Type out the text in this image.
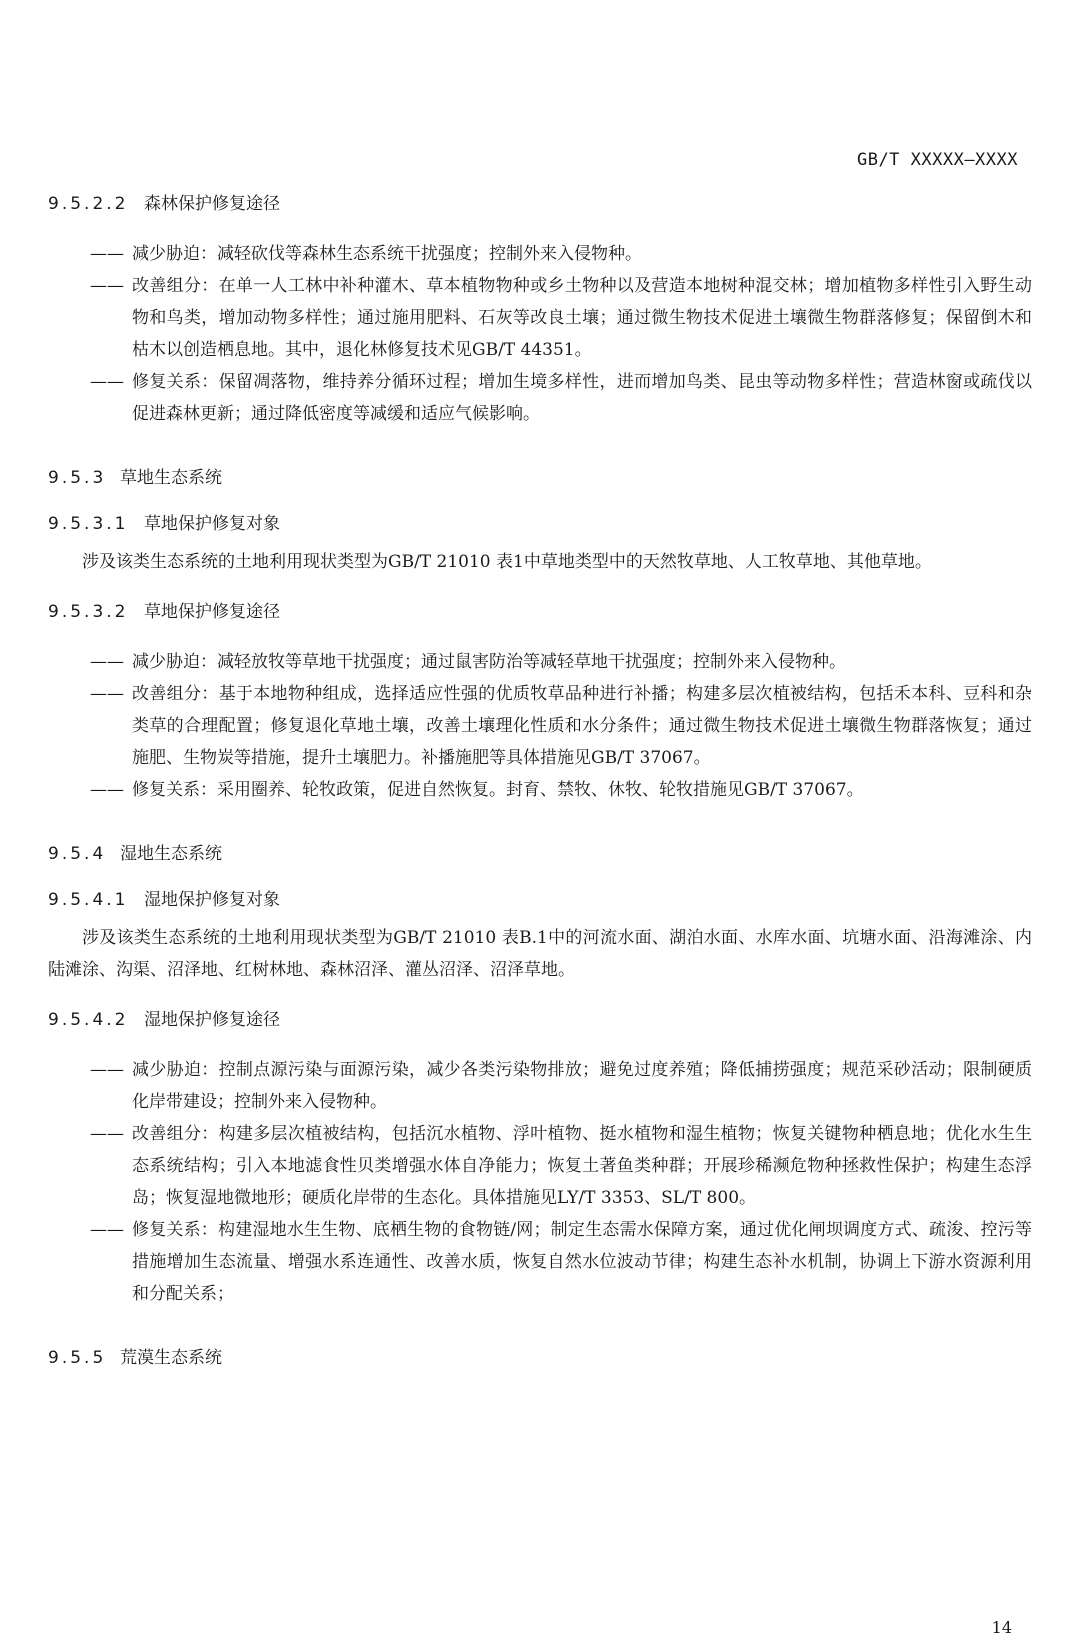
GB/T XXXXX—XXXX
9.5.2.2 森林保护修复途径
—— 减少胁迫：减轻砍伐等森林生态系统干扰强度；控制外来入侵物种。
—— 改善组分：在单一人工林中补种灌木、草本植物物种或乡土物种以及营造本地树种混交林；增加植物多样性引入野生动物和鸟类，增加动物多样性；通过施用肥料、石灰等改良土壤；通过微生物技术促进土壤微生物群落修复；保留倒木和枯木以创造栖息地。其中，退化林修复技术见GB/T 44351。
—— 修复关系：保留凋落物，维持养分循环过程；增加生境多样性，进而增加鸟类、昆虫等动物多样性；营造林窗或疏伐以促进森林更新；通过降低密度等减缓和适应气候影响。
9.5.3 草地生态系统
9.5.3.1 草地保护修复对象

涉及该类生态系统的土地利用现状类型为GB/T 21010 表1中草地类型中的天然牧草地、人工牧草地、其他草地。

9.5.3.2 草地保护修复途径
—— 减少胁迫：减轻放牧等草地干扰强度；通过鼠害防治等减轻草地干扰强度；控制外来入侵物种。
—— 改善组分：基于本地物种组成，选择适应性强的优质牧草品种进行补播；构建多层次植被结构，包括禾本科、豆科和杂类草的合理配置；修复退化草地土壤，改善土壤理化性质和水分条件；通过微生物技术促进土壤微生物群落恢复；通过施肥、生物炭等措施，提升土壤肥力。补播施肥等具体措施见GB/T 37067。
—— 修复关系：采用圈养、轮牧政策，促进自然恢复。封育、禁牧、休牧、轮牧措施见GB/T 37067。
9.5.4 湿地生态系统
9.5.4.1 湿地保护修复对象

涉及该类生态系统的土地利用现状类型为GB/T 21010 表B.1中的河流水面、湖泊水面、水库水面、坑塘水面、沿海滩涂、内陆滩涂、沟渠、沼泽地、红树林地、森林沼泽、灌丛沼泽、沼泽草地。

9.5.4.2 湿地保护修复途径
—— 减少胁迫：控制点源污染与面源污染，减少各类污染物排放；避免过度养殖；降低捕捞强度；规范采砂活动；限制硬质化岸带建设；控制外来入侵物种。
—— 改善组分：构建多层次植被结构，包括沉水植物、浮叶植物、挺水植物和湿生植物；恢复关键物种栖息地；优化水生生态系统结构；引入本地滤食性贝类增强水体自净能力；恢复土著鱼类种群；开展珍稀濒危物种拯救性保护；构建生态浮岛；恢复湿地微地形；硬质化岸带的生态化。具体措施见LY/T 3353、SL/T 800。
—— 修复关系：构建湿地水生生物、底栖生物的食物链/网；制定生态需水保障方案，通过优化闸坝调度方式、疏浚、控污等措施增加生态流量、增强水系连通性、改善水质，恢复自然水位波动节律；构建生态补水机制，协调上下游水资源利用和分配关系；
9.5.5 荒漠生态系统
14
